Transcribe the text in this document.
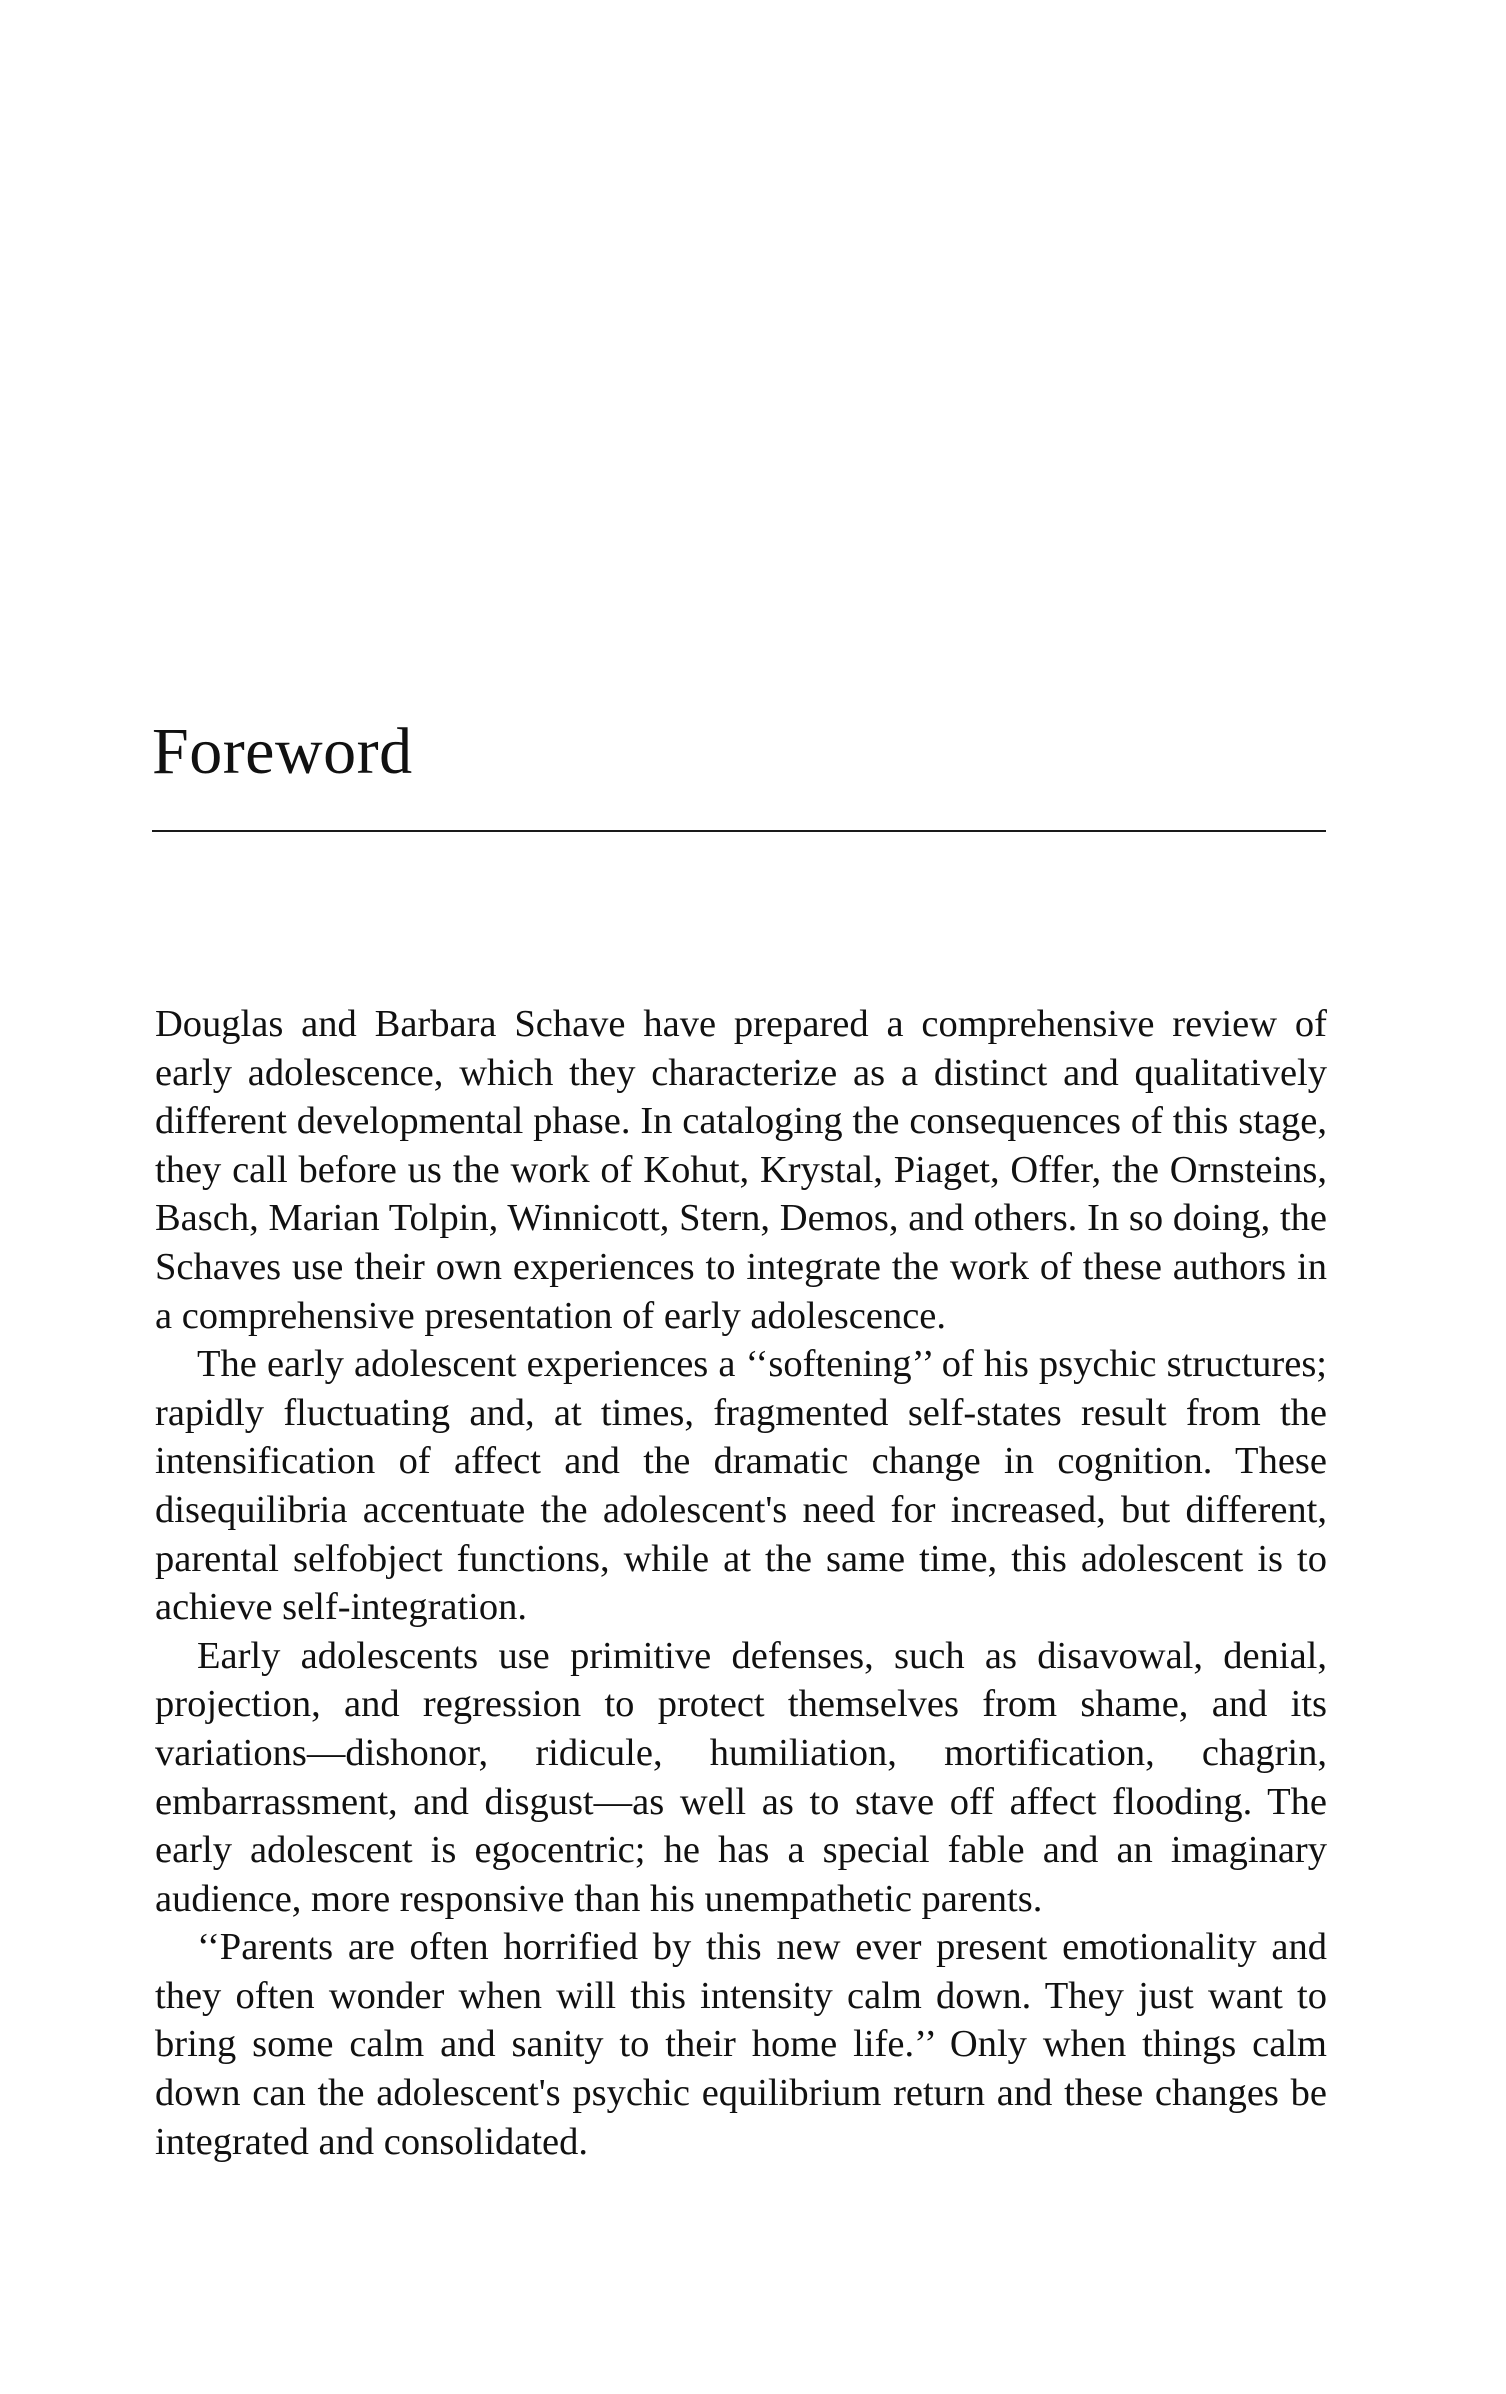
Foreword

Douglas and Barbara Schave have prepared a comprehensive review of early adolescence, which they characterize as a distinct and qualitatively different developmental phase. In cataloging the consequences of this stage, they call before us the work of Kohut, Krystal, Piaget, Offer, the Ornsteins, Basch, Marian Tolpin, Winnicott, Stern, Demos, and others. In so doing, the Schaves use their own experiences to integrate the work of these authors in a comprehensive presentation of early adolescence.

The early adolescent experiences a ‘‘softening’’ of his psychic structures; rapidly fluctuating and, at times, fragmented self-states result from the intensification of affect and the dramatic change in cognition. These disequilibria accentuate the adolescent's need for increased, but different, parental selfobject functions, while at the same time, this adolescent is to achieve self-integration.

Early adolescents use primitive defenses, such as disavowal, denial, projection, and regression to protect themselves from shame, and its variations—dishonor, ridicule, humiliation, mortification, chagrin, embarrassment, and disgust—as well as to stave off affect flooding. The early adolescent is egocentric; he has a special fable and an imaginary audience, more responsive than his unempathetic parents.

‘‘Parents are often horrified by this new ever present emotionality and they often wonder when will this intensity calm down. They just want to bring some calm and sanity to their home life.’’ Only when things calm down can the adolescent's psychic equilibrium return and these changes be integrated and consolidated.
